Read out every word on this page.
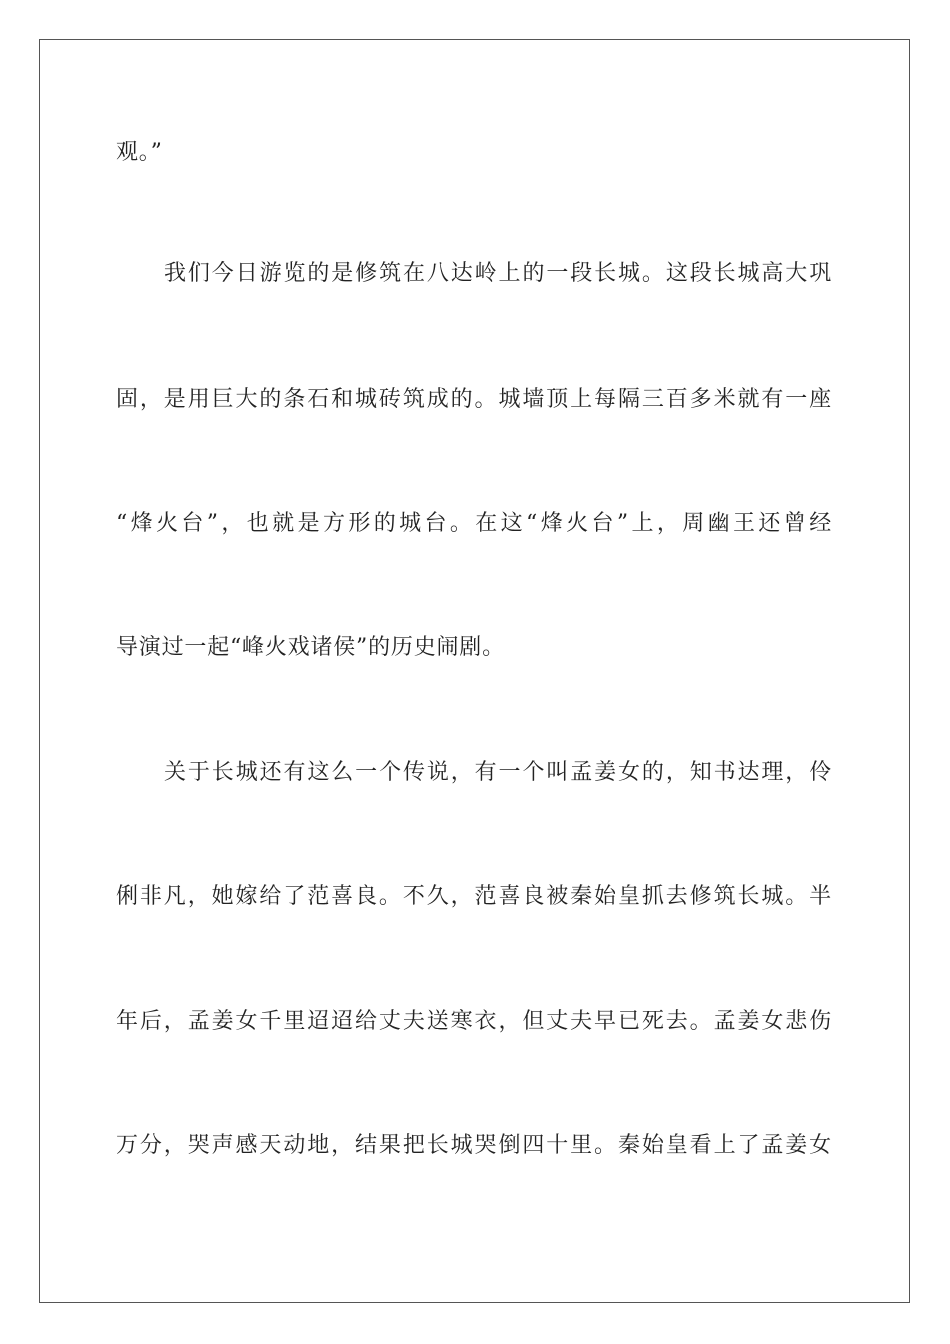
观。”
我们今日游览的是修筑在八达岭上的一段长城。这段长城高大巩
固，是用巨大的条石和城砖筑成的。城墙顶上每隔三百多米就有一座
“烽火台”，也就是方形的城台。在这“烽火台”上，周幽王还曾经
导演过一起“峰火戏诸侯”的历史闹剧。
关于长城还有这么一个传说，有一个叫孟姜女的，知书达理，伶
俐非凡，她嫁给了范喜良。不久，范喜良被秦始皇抓去修筑长城。半
年后，孟姜女千里迢迢给丈夫送寒衣，但丈夫早已死去。孟姜女悲伤
万分，哭声感天动地，结果把长城哭倒四十里。秦始皇看上了孟姜女
